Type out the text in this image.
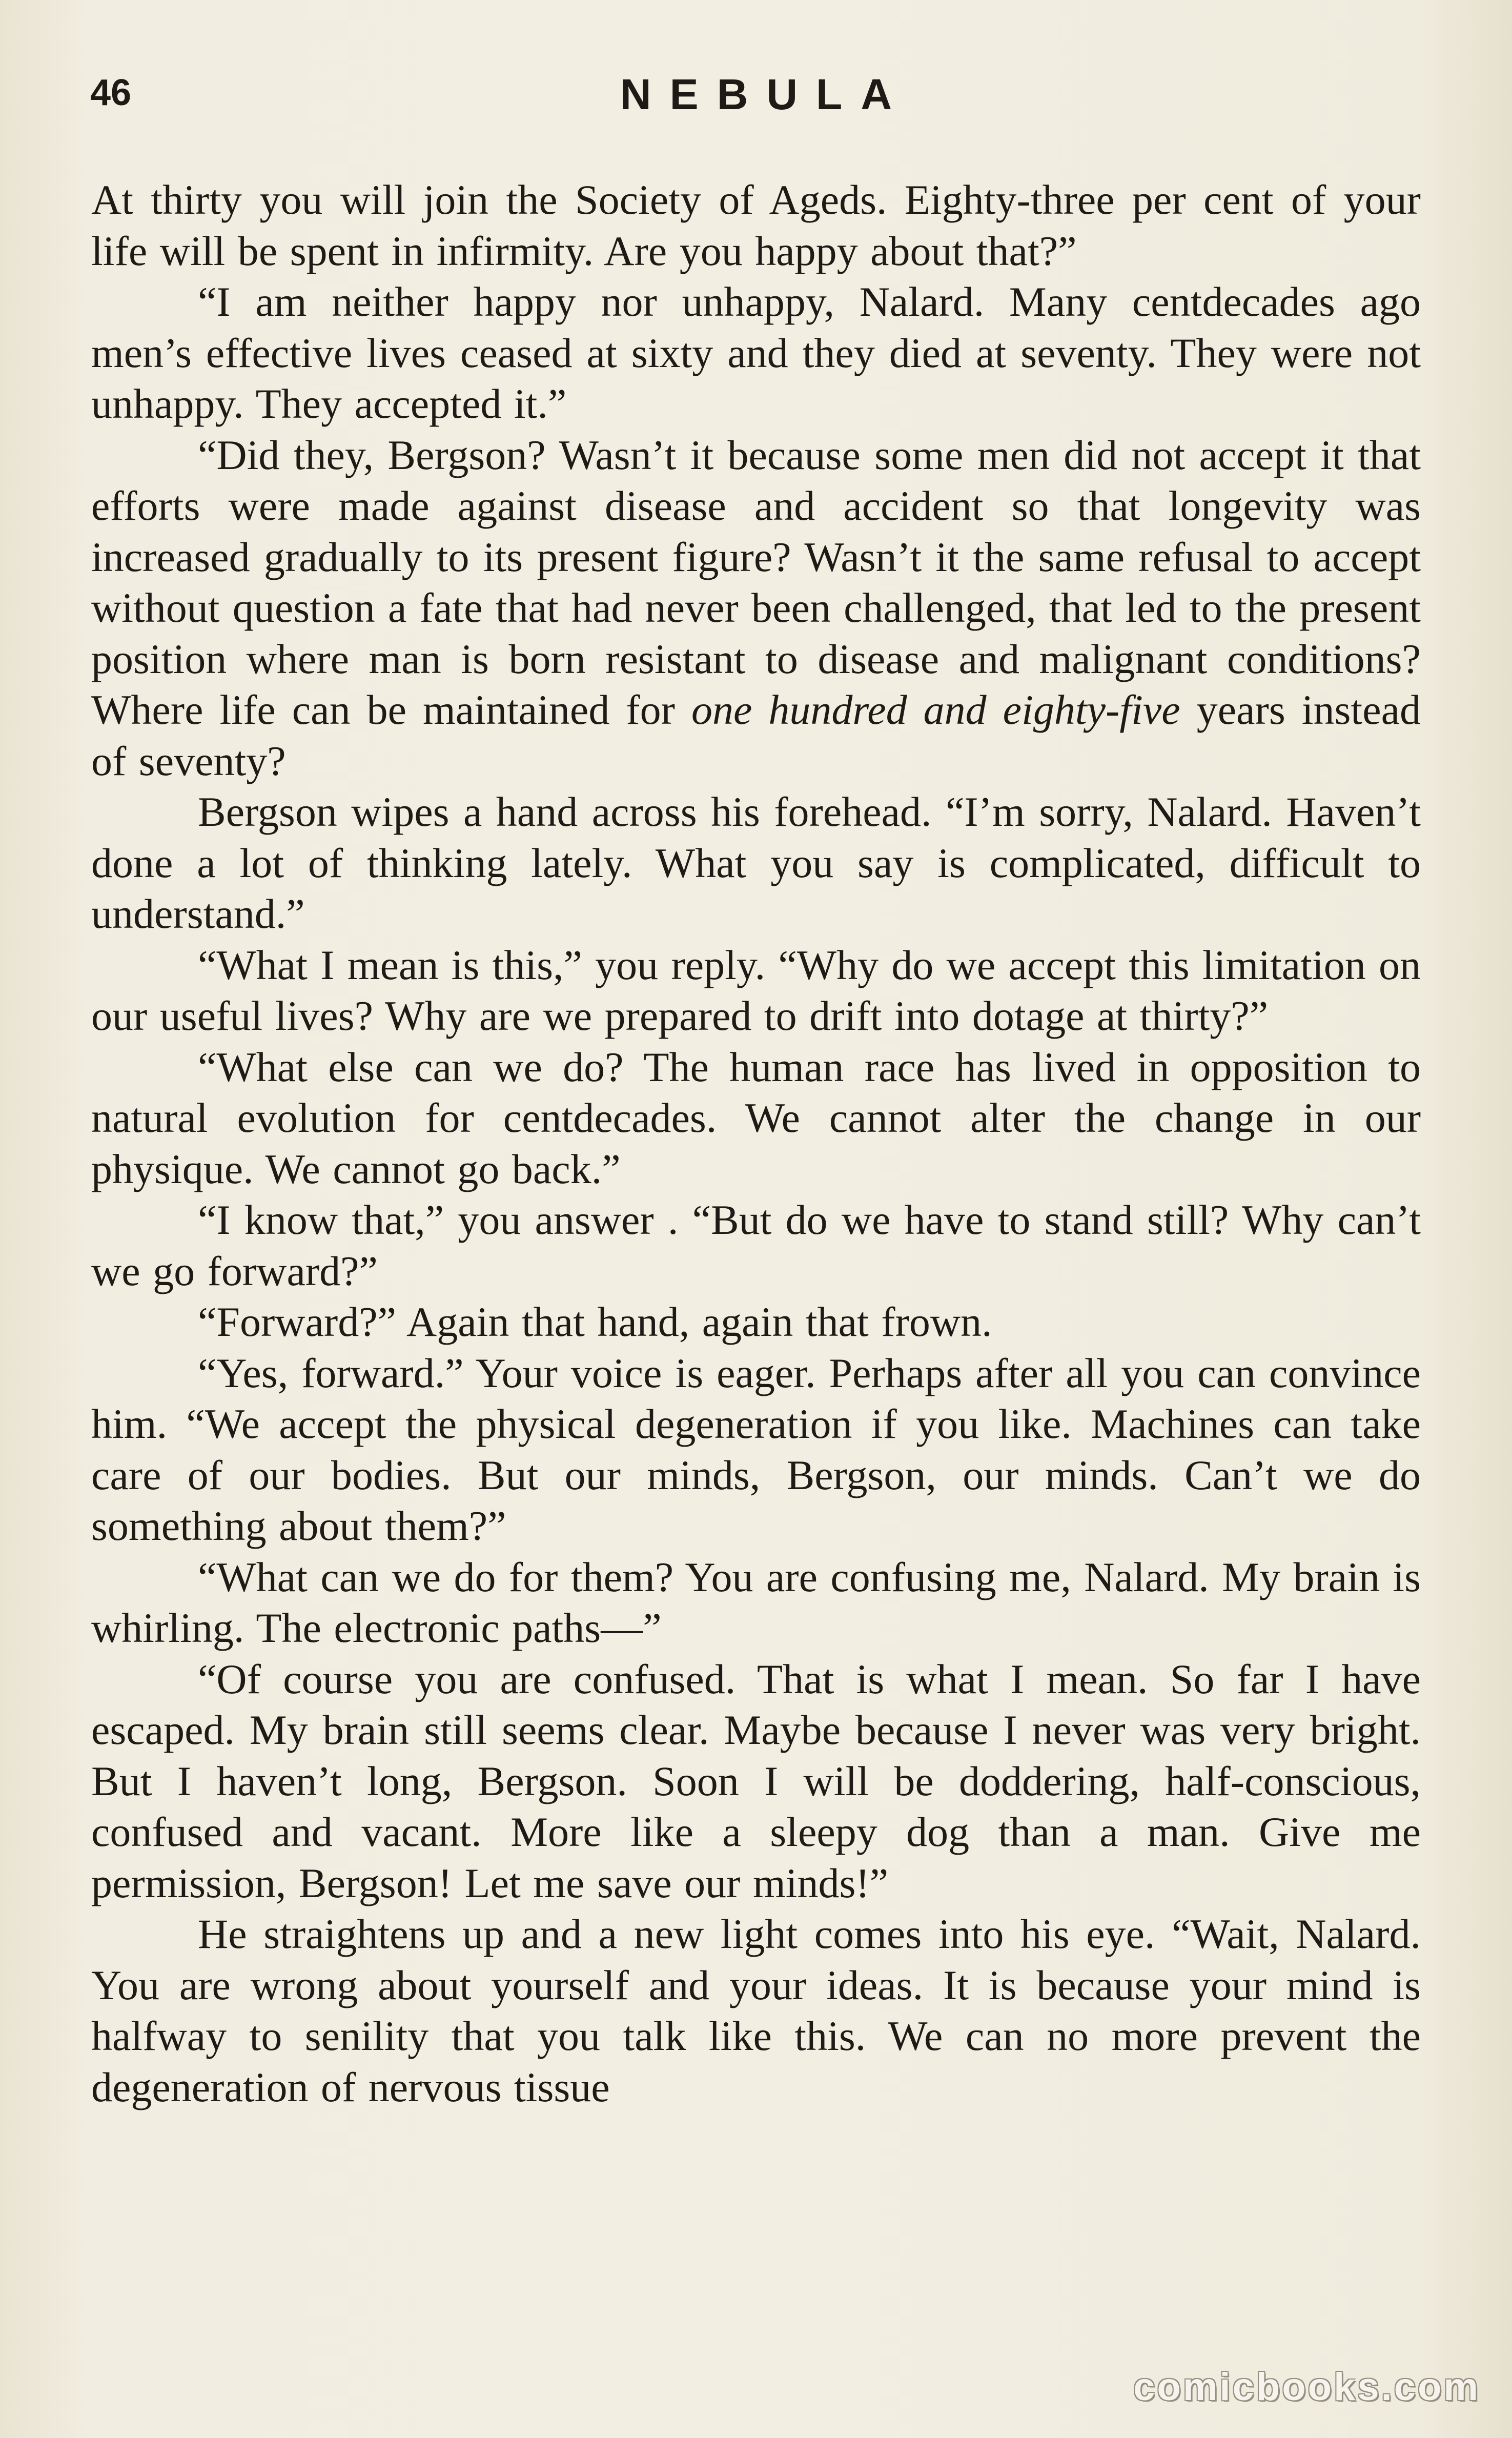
46	NEBULA

At thirty you will join the Society of Ageds. Eighty-three per cent of your life will be spent in infirmity. Are you happy about that?”

“I am neither happy nor unhappy, Nalard. Many centdecades ago men’s effective lives ceased at sixty and they died at seventy. They were not unhappy. They accepted it.”

“Did they, Bergson? Wasn’t it because some men did not accept it that efforts were made against disease and accident so that longevity was increased gradually to its present figure? Wasn’t it the same refusal to accept without question a fate that had never been challenged, that led to the present position where man is born resistant to disease and malignant conditions? Where life can be maintained for one hundred and eighty-five years instead of seventy?

Bergson wipes a hand across his forehead. “I’m sorry, Nalard. Haven’t done a lot of thinking lately. What you say is complicated, difficult to understand.”

“What I mean is this,” you reply. “Why do we accept this limitation on our useful lives? Why are we prepared to drift into dotage at thirty?”

“What else can we do? The human race has lived in opposition to natural evolution for centdecades. We cannot alter the change in our physique. We cannot go back.”

“I know that,” you answer . “But do we have to stand still? Why can’t we go forward?”

“Forward?” Again that hand, again that frown.

“Yes, forward.” Your voice is eager. Perhaps after all you can convince him. “We accept the physical degeneration if you like. Machines can take care of our bodies. But our minds, Bergson, our minds. Can’t we do something about them?”

“What can we do for them? You are confusing me, Nalard. My brain is whirling. The electronic paths—”

“Of course you are confused. That is what I mean. So far I have escaped. My brain still seems clear. Maybe because I never was very bright. But I haven’t long, Bergson. Soon I will be doddering, half-conscious, confused and vacant. More like a sleepy dog than a man. Give me permission, Bergson! Let me save our minds!”

He straightens up and a new light comes into his eye. “Wait, Nalard. You are wrong about yourself and your ideas. It is because your mind is halfway to senility that you talk like this. We can no more prevent the degeneration of nervous tissue

comicbooks.com
